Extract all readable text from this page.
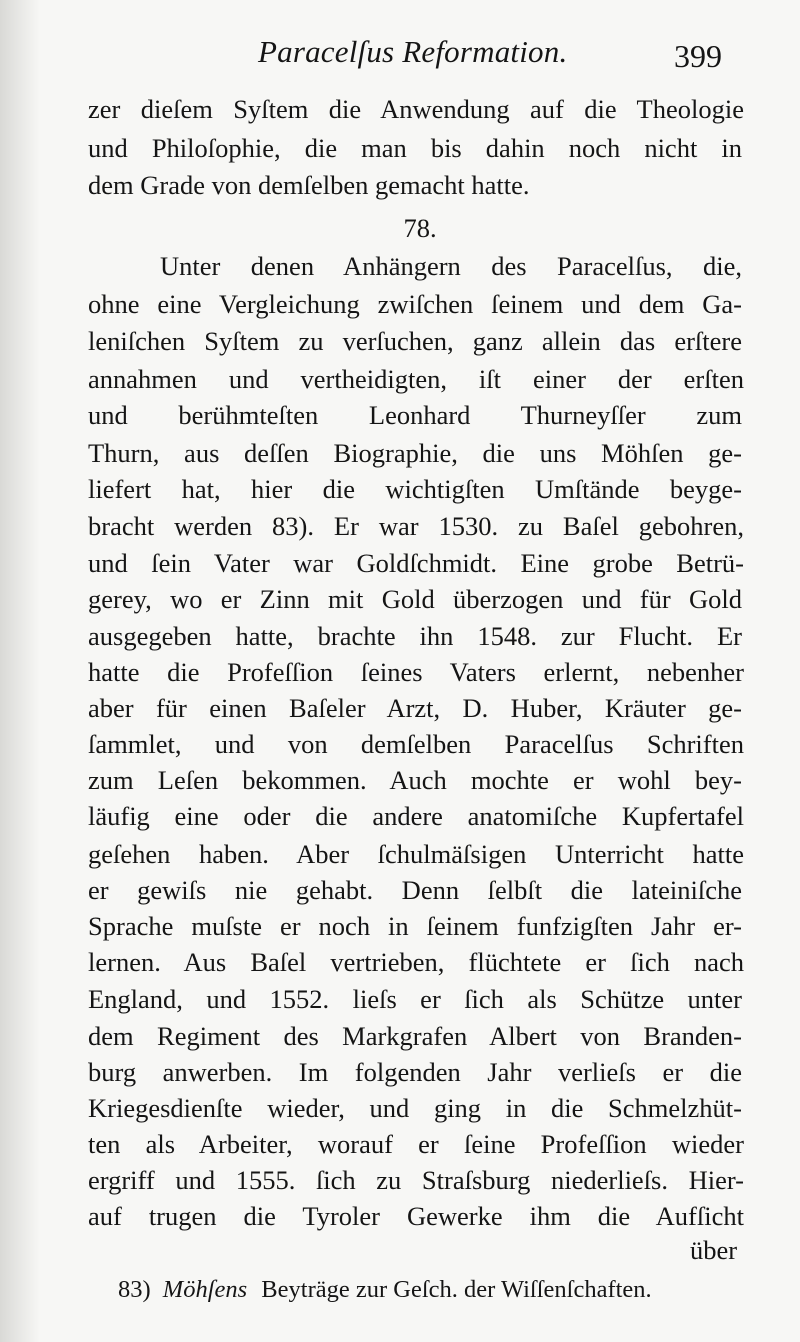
Paracelſus Reformation.	399
zer dieſem Syſtem die Anwendung auf die Theologie
und Philoſophie, die man bis dahin noch nicht in
dem Grade von demſelben gemacht hatte.
78.
Unter denen Anhängern des Paracelſus, die,
ohne eine Vergleichung zwiſchen ſeinem und dem Ga-
leniſchen Syſtem zu verſuchen, ganz allein das erſtere
annahmen und vertheidigten, iſt einer der erſten
und berühmteſten Leonhard Thurneyſſer zum
Thurn, aus deſſen Biographie, die uns Möhſen ge-
liefert hat, hier die wichtigſten Umſtände beyge-
bracht werden 83). Er war 1530. zu Baſel gebohren,
und ſein Vater war Goldſchmidt. Eine grobe Betrü-
gerey, wo er Zinn mit Gold überzogen und für Gold
ausgegeben hatte, brachte ihn 1548. zur Flucht. Er
hatte die Profeſſion ſeines Vaters erlernt, nebenher
aber für einen Baſeler Arzt, D. Huber, Kräuter ge-
ſammlet, und von demſelben Paracelſus Schriften
zum Leſen bekommen. Auch mochte er wohl bey-
läufig eine oder die andere anatomiſche Kupfertafel
geſehen haben. Aber ſchulmäſsigen Unterricht hatte
er gewiſs nie gehabt. Denn ſelbſt die lateiniſche
Sprache muſste er noch in ſeinem funfzigſten Jahr er-
lernen. Aus Baſel vertrieben, flüchtete er ſich nach
England, und 1552. lieſs er ſich als Schütze unter
dem Regiment des Markgrafen Albert von Branden-
burg anwerben. Im folgenden Jahr verlieſs er die
Kriegesdienſte wieder, und ging in die Schmelzhüt-
ten als Arbeiter, worauf er ſeine Profeſſion wieder
ergriff und 1555. ſich zu Straſsburg niederlieſs. Hier-
auf trugen die Tyroler Gewerke ihm die Aufſicht
über
83) Möhſens Beyträge zur Geſch. der Wiſſenſchaften.
